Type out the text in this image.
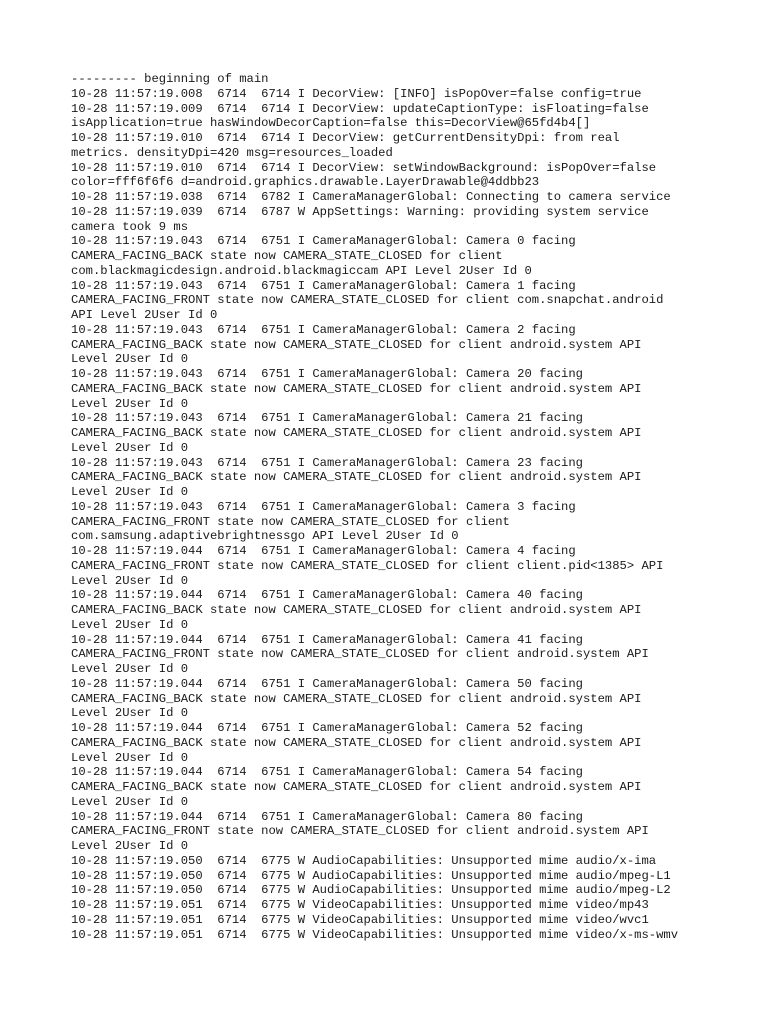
--------- beginning of main
10-28 11:57:19.008  6714  6714 I DecorView: [INFO] isPopOver=false config=true
10-28 11:57:19.009  6714  6714 I DecorView: updateCaptionType: isFloating=false
isApplication=true hasWindowDecorCaption=false this=DecorView@65fd4b4[]
10-28 11:57:19.010  6714  6714 I DecorView: getCurrentDensityDpi: from real
metrics. densityDpi=420 msg=resources_loaded
10-28 11:57:19.010  6714  6714 I DecorView: setWindowBackground: isPopOver=false
color=fff6f6f6 d=android.graphics.drawable.LayerDrawable@4ddbb23
10-28 11:57:19.038  6714  6782 I CameraManagerGlobal: Connecting to camera service
10-28 11:57:19.039  6714  6787 W AppSettings: Warning: providing system service
camera took 9 ms
10-28 11:57:19.043  6714  6751 I CameraManagerGlobal: Camera 0 facing
CAMERA_FACING_BACK state now CAMERA_STATE_CLOSED for client
com.blackmagicdesign.android.blackmagiccam API Level 2User Id 0
10-28 11:57:19.043  6714  6751 I CameraManagerGlobal: Camera 1 facing
CAMERA_FACING_FRONT state now CAMERA_STATE_CLOSED for client com.snapchat.android
API Level 2User Id 0
10-28 11:57:19.043  6714  6751 I CameraManagerGlobal: Camera 2 facing
CAMERA_FACING_BACK state now CAMERA_STATE_CLOSED for client android.system API
Level 2User Id 0
10-28 11:57:19.043  6714  6751 I CameraManagerGlobal: Camera 20 facing
CAMERA_FACING_BACK state now CAMERA_STATE_CLOSED for client android.system API
Level 2User Id 0
10-28 11:57:19.043  6714  6751 I CameraManagerGlobal: Camera 21 facing
CAMERA_FACING_BACK state now CAMERA_STATE_CLOSED for client android.system API
Level 2User Id 0
10-28 11:57:19.043  6714  6751 I CameraManagerGlobal: Camera 23 facing
CAMERA_FACING_BACK state now CAMERA_STATE_CLOSED for client android.system API
Level 2User Id 0
10-28 11:57:19.043  6714  6751 I CameraManagerGlobal: Camera 3 facing
CAMERA_FACING_FRONT state now CAMERA_STATE_CLOSED for client
com.samsung.adaptivebrightnessgo API Level 2User Id 0
10-28 11:57:19.044  6714  6751 I CameraManagerGlobal: Camera 4 facing
CAMERA_FACING_FRONT state now CAMERA_STATE_CLOSED for client client.pid<1385> API
Level 2User Id 0
10-28 11:57:19.044  6714  6751 I CameraManagerGlobal: Camera 40 facing
CAMERA_FACING_BACK state now CAMERA_STATE_CLOSED for client android.system API
Level 2User Id 0
10-28 11:57:19.044  6714  6751 I CameraManagerGlobal: Camera 41 facing
CAMERA_FACING_FRONT state now CAMERA_STATE_CLOSED for client android.system API
Level 2User Id 0
10-28 11:57:19.044  6714  6751 I CameraManagerGlobal: Camera 50 facing
CAMERA_FACING_BACK state now CAMERA_STATE_CLOSED for client android.system API
Level 2User Id 0
10-28 11:57:19.044  6714  6751 I CameraManagerGlobal: Camera 52 facing
CAMERA_FACING_BACK state now CAMERA_STATE_CLOSED for client android.system API
Level 2User Id 0
10-28 11:57:19.044  6714  6751 I CameraManagerGlobal: Camera 54 facing
CAMERA_FACING_BACK state now CAMERA_STATE_CLOSED for client android.system API
Level 2User Id 0
10-28 11:57:19.044  6714  6751 I CameraManagerGlobal: Camera 80 facing
CAMERA_FACING_FRONT state now CAMERA_STATE_CLOSED for client android.system API
Level 2User Id 0
10-28 11:57:19.050  6714  6775 W AudioCapabilities: Unsupported mime audio/x-ima
10-28 11:57:19.050  6714  6775 W AudioCapabilities: Unsupported mime audio/mpeg-L1
10-28 11:57:19.050  6714  6775 W AudioCapabilities: Unsupported mime audio/mpeg-L2
10-28 11:57:19.051  6714  6775 W VideoCapabilities: Unsupported mime video/mp43
10-28 11:57:19.051  6714  6775 W VideoCapabilities: Unsupported mime video/wvc1
10-28 11:57:19.051  6714  6775 W VideoCapabilities: Unsupported mime video/x-ms-wmv
